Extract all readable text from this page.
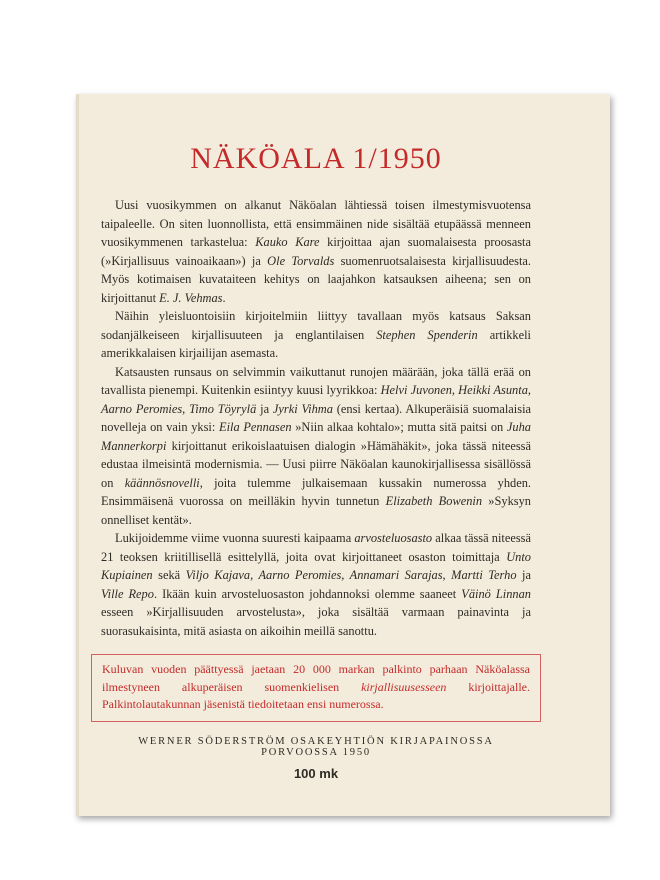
NÄKÖALA 1/1950

Uusi vuosikymmen on alkanut Näköalan lähtiessä toisen ilmestymisvuotensa taipaleelle. On siten luonnollista, että ensimmäinen nide sisältää etupäässä menneen vuosikymmenen tarkastelua: Kauko Kare kirjoittaa ajan suomalaisesta proosasta (»Kirjallisuus vainoaikaan») ja Ole Torvalds suomenruotsalaisesta kirjallisuudesta. Myös kotimaisen kuvataiteen kehitys on laajahkon katsauksen aiheena; sen on kirjoittanut E. J. Vehmas.

Näihin yleisluontoisiin kirjoitelmiin liittyy tavallaan myös katsaus Saksan sodanjälkeiseen kirjallisuuteen ja englantilaisen Stephen Spenderin artikkeli amerikkalaisen kirjailijan asemasta.

Katsausten runsaus on selvimmin vaikuttanut runojen määrään, joka tällä erää on tavallista pienempi. Kuitenkin esiintyy kuusi lyyrikkoa: Helvi Juvonen, Heikki Asunta, Aarno Peromies, Timo Töyrylä ja Jyrki Vihma (ensi kertaa). Alkuperäisiä suomalaisia novelleja on vain yksi: Eila Pennasen »Niin alkaa kohtalo»; mutta sitä paitsi on Juha Mannerkorpi kirjoittanut erikoislaatuisen dialogin »Hämähäkit», joka tässä niteessä edustaa ilmeisintä modernismia. — Uusi piirre Näköalan kaunokirjallisessa sisällössä on käännösnovelli, joita tulemme julkaisemaan kussakin numerossa yhden. Ensimmäisenä vuorossa on meilläkin hyvin tunnetun Elizabeth Bowenin »Syksyn onnelliset kentät».

Lukijoidemme viime vuonna suuresti kaipaama arvosteluosasto alkaa tässä niteessä 21 teoksen kriitillisellä esittelyllä, joita ovat kirjoittaneet osaston toimittaja Unto Kupiainen sekä Viljo Kajava, Aarno Peromies, Annamari Sarajas, Martti Terho ja Ville Repo. Ikään kuin arvosteluosaston johdannoksi olemme saaneet Väinö Linnan esseen »Kirjallisuuden arvostelusta», joka sisältää varmaan painavinta ja suorasukaisinta, mitä asiasta on aikoihin meillä sanottu.

Kuluvan vuoden päättyessä jaetaan 20 000 markan palkinto parhaan Näköalassa ilmestyneen alkuperäisen suomenkielisen kirjallisuusesseen kirjoittajalle. Palkintolautakunnan jäsenistä tiedoitetaan ensi numerossa.
WERNER SÖDERSTRÖM OSAKEYHTIÖN KIRJAPAINOSSA PORVOOSSA 1950
100 mk
